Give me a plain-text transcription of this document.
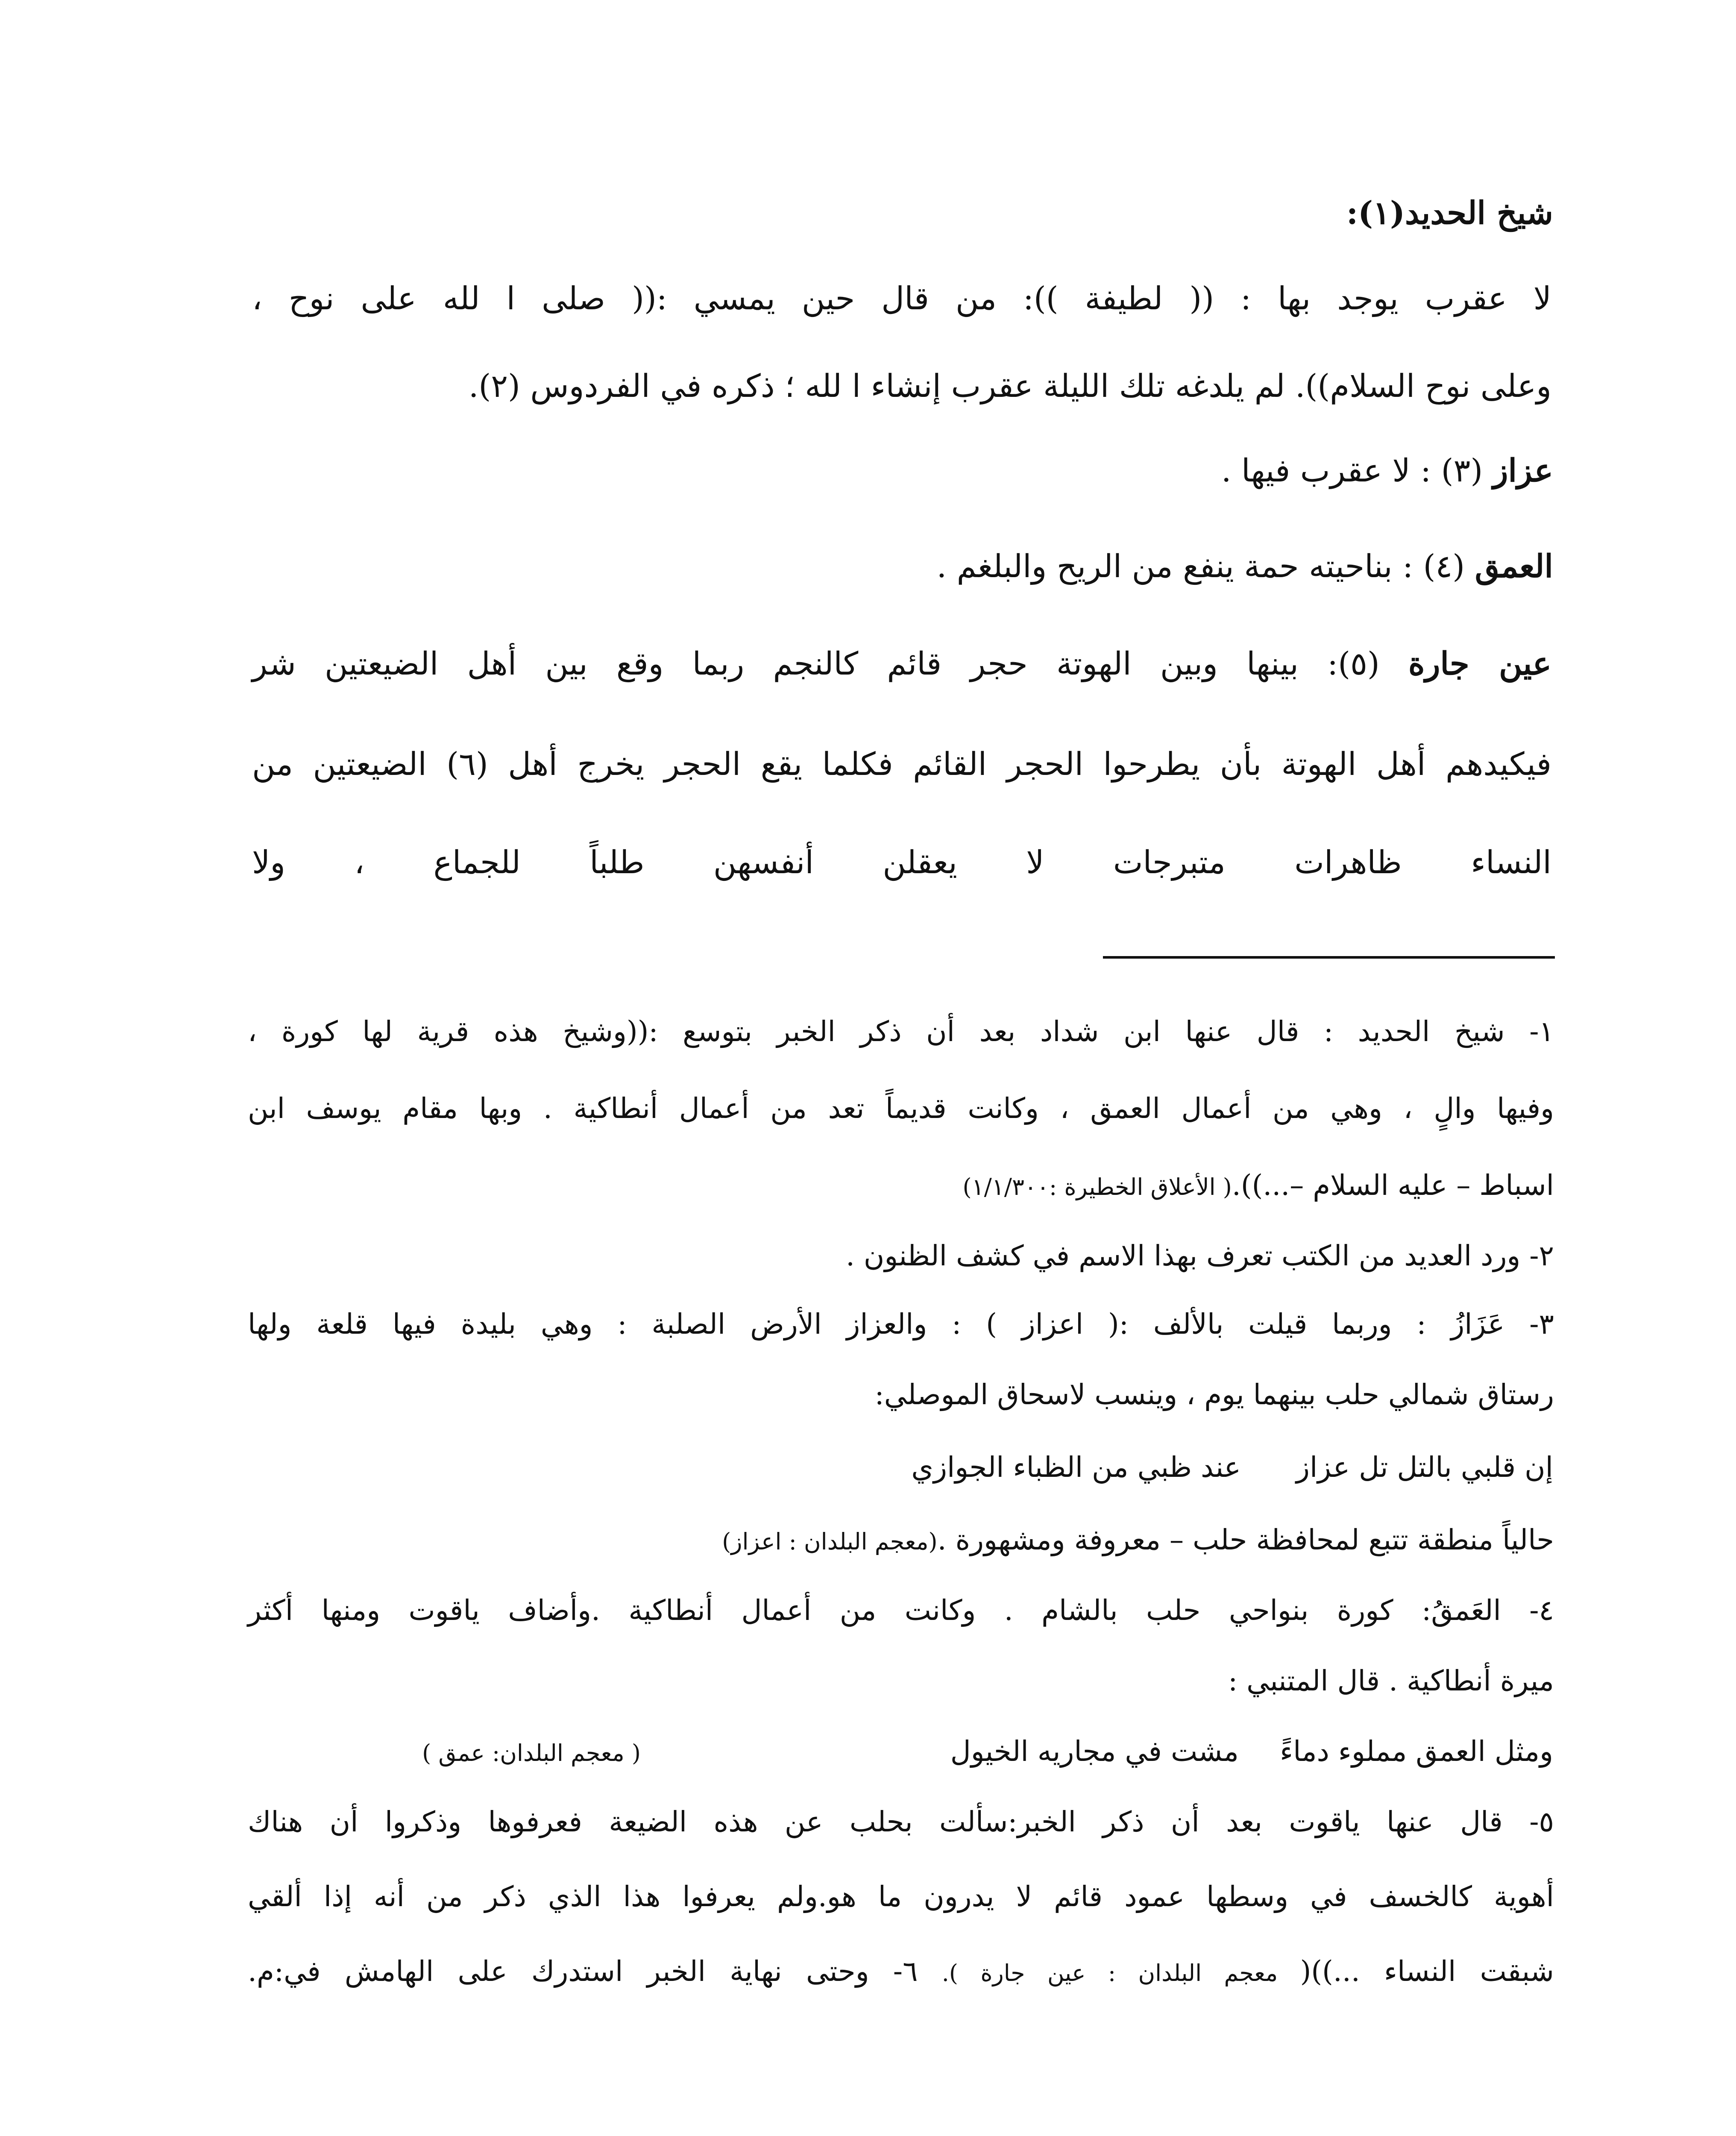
شيخ الحديد(١):
لا عقرب يوجد بها : (( لطيفة )): من قال حين يمسي :(( صلى ا لله على نوح ،
وعلى نوح السلام)). لم يلدغه تلك الليلة عقرب إنشاء ا لله ؛ ذكره في الفردوس (٢).
عزاز (٣) : لا عقرب فيها .
العمق (٤) : بناحيته حمة ينفع من الريح والبلغم .
عين جارة (٥): بينها وبين الهوتة حجر قائم كالنجم ربما وقع بين أهل الضيعتين شر
فيكيدهم أهل الهوتة بأن يطرحوا الحجر القائم فكلما يقع الحجر يخرج أهل (٦) الضيعتين من
النساء ظاهرات متبرجات لا يعقلن أنفسهن طلباً للجماع ، ولا
١- شيخ الحديد : قال عنها ابن شداد بعد أن ذكر الخبر بتوسع :((وشيخ هذه قرية لها كورة ،
وفيها والٍ ، وهي من أعمال العمق ، وكانت قديماً تعد من أعمال أنطاكية . وبها مقام يوسف ابن
اسباط – عليه السلام –...)).( الأعلاق الخطيرة :١/١/٣٠٠)
٢- ورد العديد من الكتب تعرف بهذا الاسم في كشف الظنون .
٣- عَزَازُ : وربما قيلت بالألف :( اعزاز ) : والعزاز الأرض الصلبة : وهي بليدة فيها قلعة ولها
رستاق شمالي حلب بينهما يوم ، وينسب لاسحاق الموصلي:
إن قلبي بالتل تل عزاز
عند ظبي من الظباء الجوازي
حالياً منطقة تتبع لمحافظة حلب – معروفة ومشهورة .(معجم البلدان : اعزاز)
٤- العَمقُ: كورة بنواحي حلب بالشام . وكانت من أعمال أنطاكية .وأضاف ياقوت ومنها أكثر
ميرة أنطاكية . قال المتنبي :
ومثل العمق مملوء دماءً
مشت في مجاريه الخيول
( معجم البلدان: عمق )
٥- قال عنها ياقوت بعد أن ذكر الخبر:سألت بحلب عن هذه الضيعة فعرفوها وذكروا أن هناك
أهوية كالخسف في وسطها عمود قائم لا يدرون ما هو.ولم يعرفوا هذا الذي ذكر من أنه إذا ألقي
شبقت النساء ...))( معجم البلدان : عين جارة ). ٦- وحتى نهاية الخبر استدرك على الهامش في:م.
